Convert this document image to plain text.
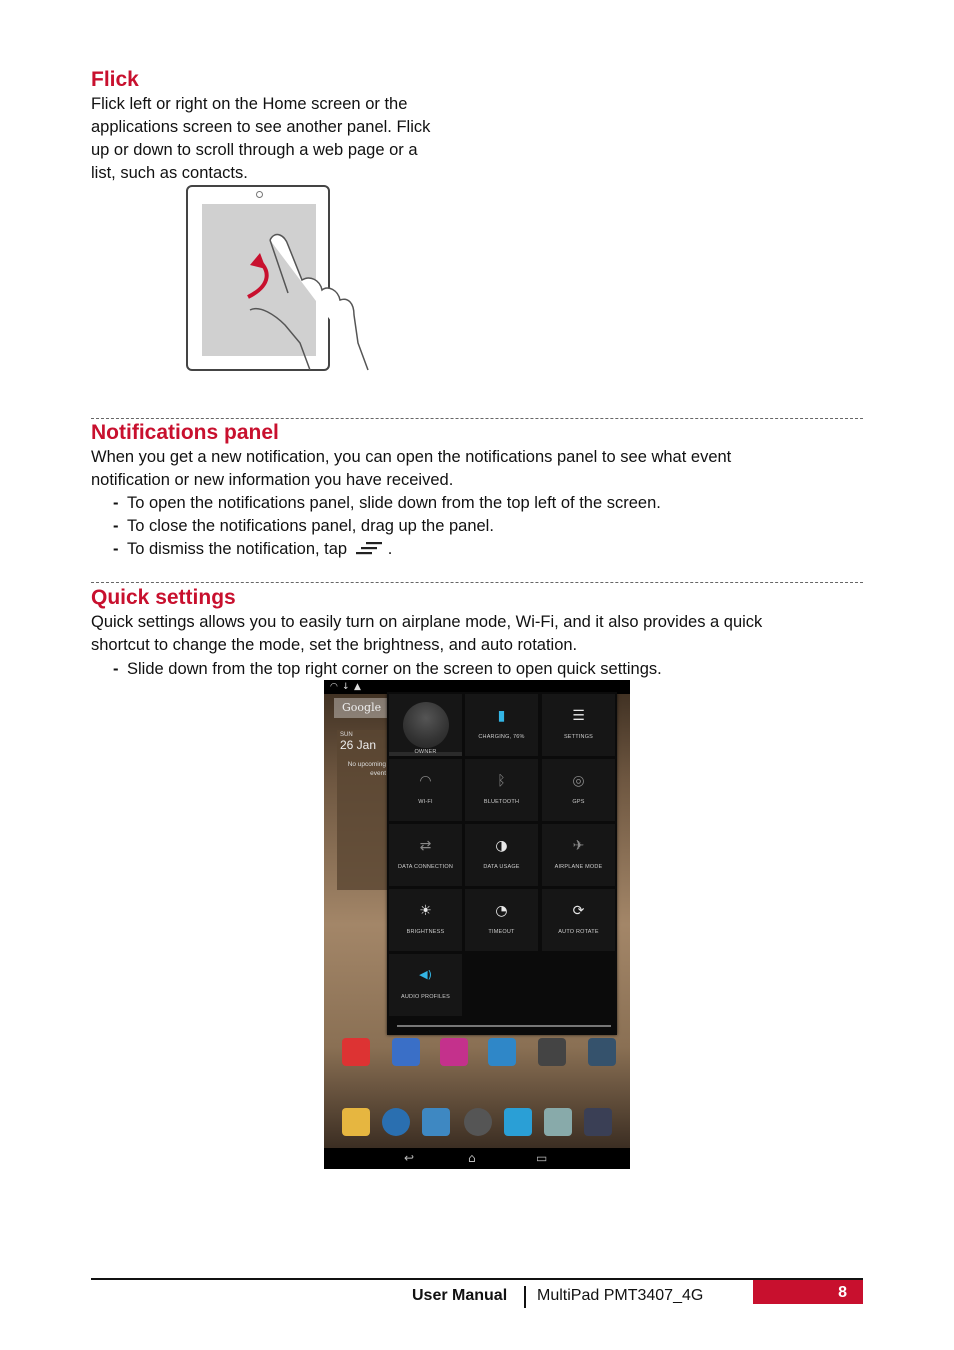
Flick

Flick left or right on the Home screen or the
applications screen to see another panel. Flick
up or down to scroll through a web page or a
list, such as contacts.

Notifications panel

When you get a new notification, you can open the notifications panel to see what event
notification or new information you have received.

- To open the notifications panel, slide down from the top left of the screen.
- To close the notifications panel, drag up the panel.
- To dismiss the notification, tap .
Quick settings

Quick settings allows you to easily turn on airplane mode, Wi-Fi, and it also provides a quick
shortcut to change the mode, set the brightness, and auto rotation.

- Slide down from the top right corner on the screen to open quick settings.
◠ ↓ ▲
Google
SUN
26 Jan
No upcoming event
OWNER
▮
CHARGING, 76%
☰
SETTINGS
◠
WI-FI
ᛒ
BLUETOOTH
◎
GPS
⇄
DATA CONNECTION
◑
DATA USAGE
✈
AIRPLANE MODE
☀
BRIGHTNESS
◔
TIMEOUT
⟳
AUTO ROTATE
◀)
AUDIO PROFILES
↩	⌂	▭
User Manual MultiPad PMT3407_4G	8
